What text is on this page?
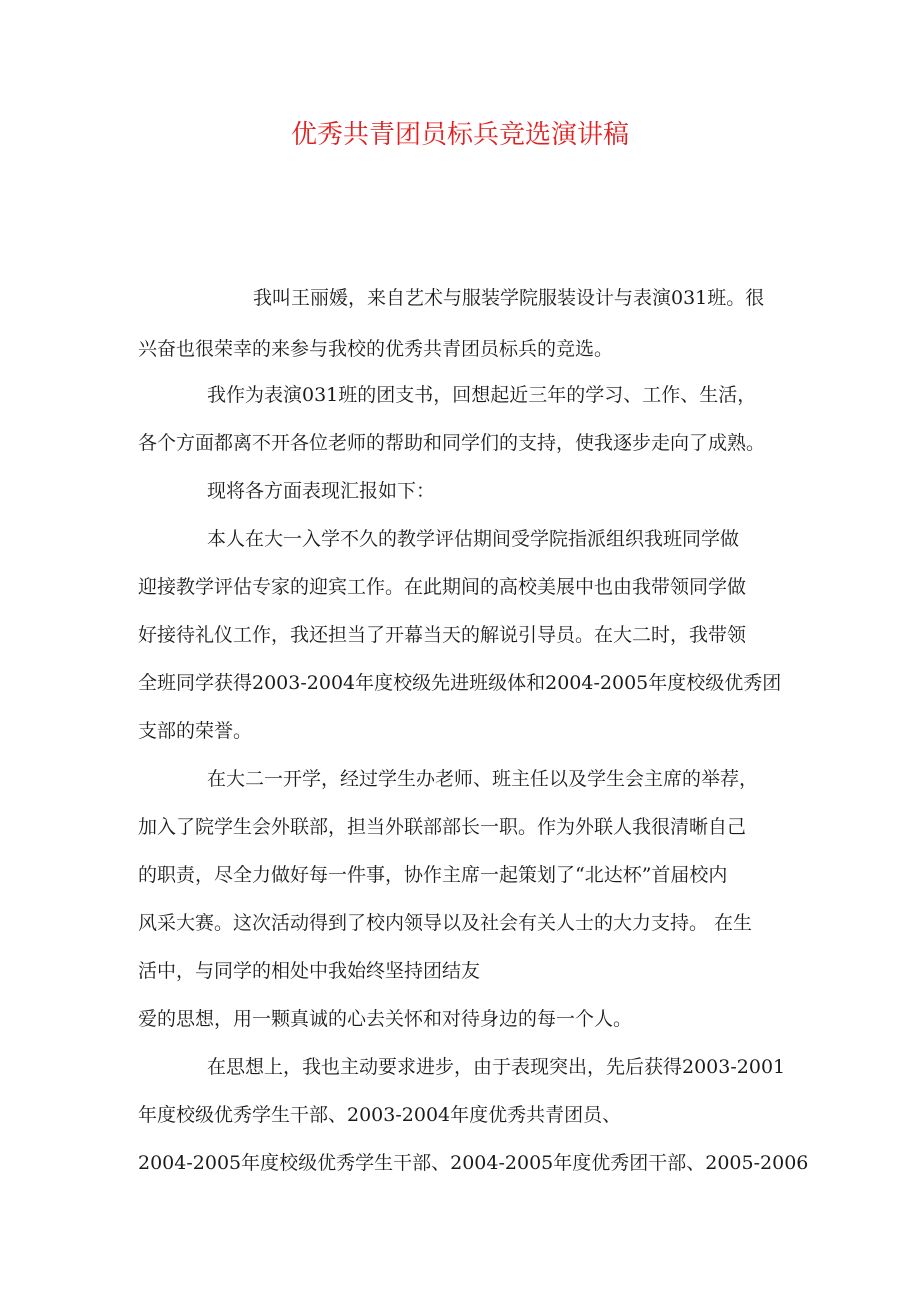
优秀共青团员标兵竞选演讲稿
我叫王丽媛，来自艺术与服装学院服装设计与表演031班。很
兴奋也很荣幸的来参与我校的优秀共青团员标兵的竞选。
我作为表演031班的团支书，回想起近三年的学习、工作、生活，
各个方面都离不开各位老师的帮助和同学们的支持，使我逐步走向了成熟。
现将各方面表现汇报如下：
本人在大一入学不久的教学评估期间受学院指派组织我班同学做
迎接教学评估专家的迎宾工作。在此期间的高校美展中也由我带领同学做
好接待礼仪工作，我还担当了开幕当天的解说引导员。在大二时，我带领
全班同学获得2003-2004年度校级先进班级体和2004-2005年度校级优秀团
支部的荣誉。
在大二一开学，经过学生办老师、班主任以及学生会主席的举荐，
加入了院学生会外联部，担当外联部部长一职。作为外联人我很清晰自己
的职责，尽全力做好每一件事，协作主席一起策划了“北达杯”首届校内
风采大赛。这次活动得到了校内领导以及社会有关人士的大力支持。 在生
活中，与同学的相处中我始终坚持团结友
爱的思想，用一颗真诚的心去关怀和对待身边的每一个人。
在思想上，我也主动要求进步，由于表现突出，先后获得2003-2001
年度校级优秀学生干部、2003-2004年度优秀共青团员、
2004-2005年度校级优秀学生干部、2004-2005年度优秀团干部、2005-2006
